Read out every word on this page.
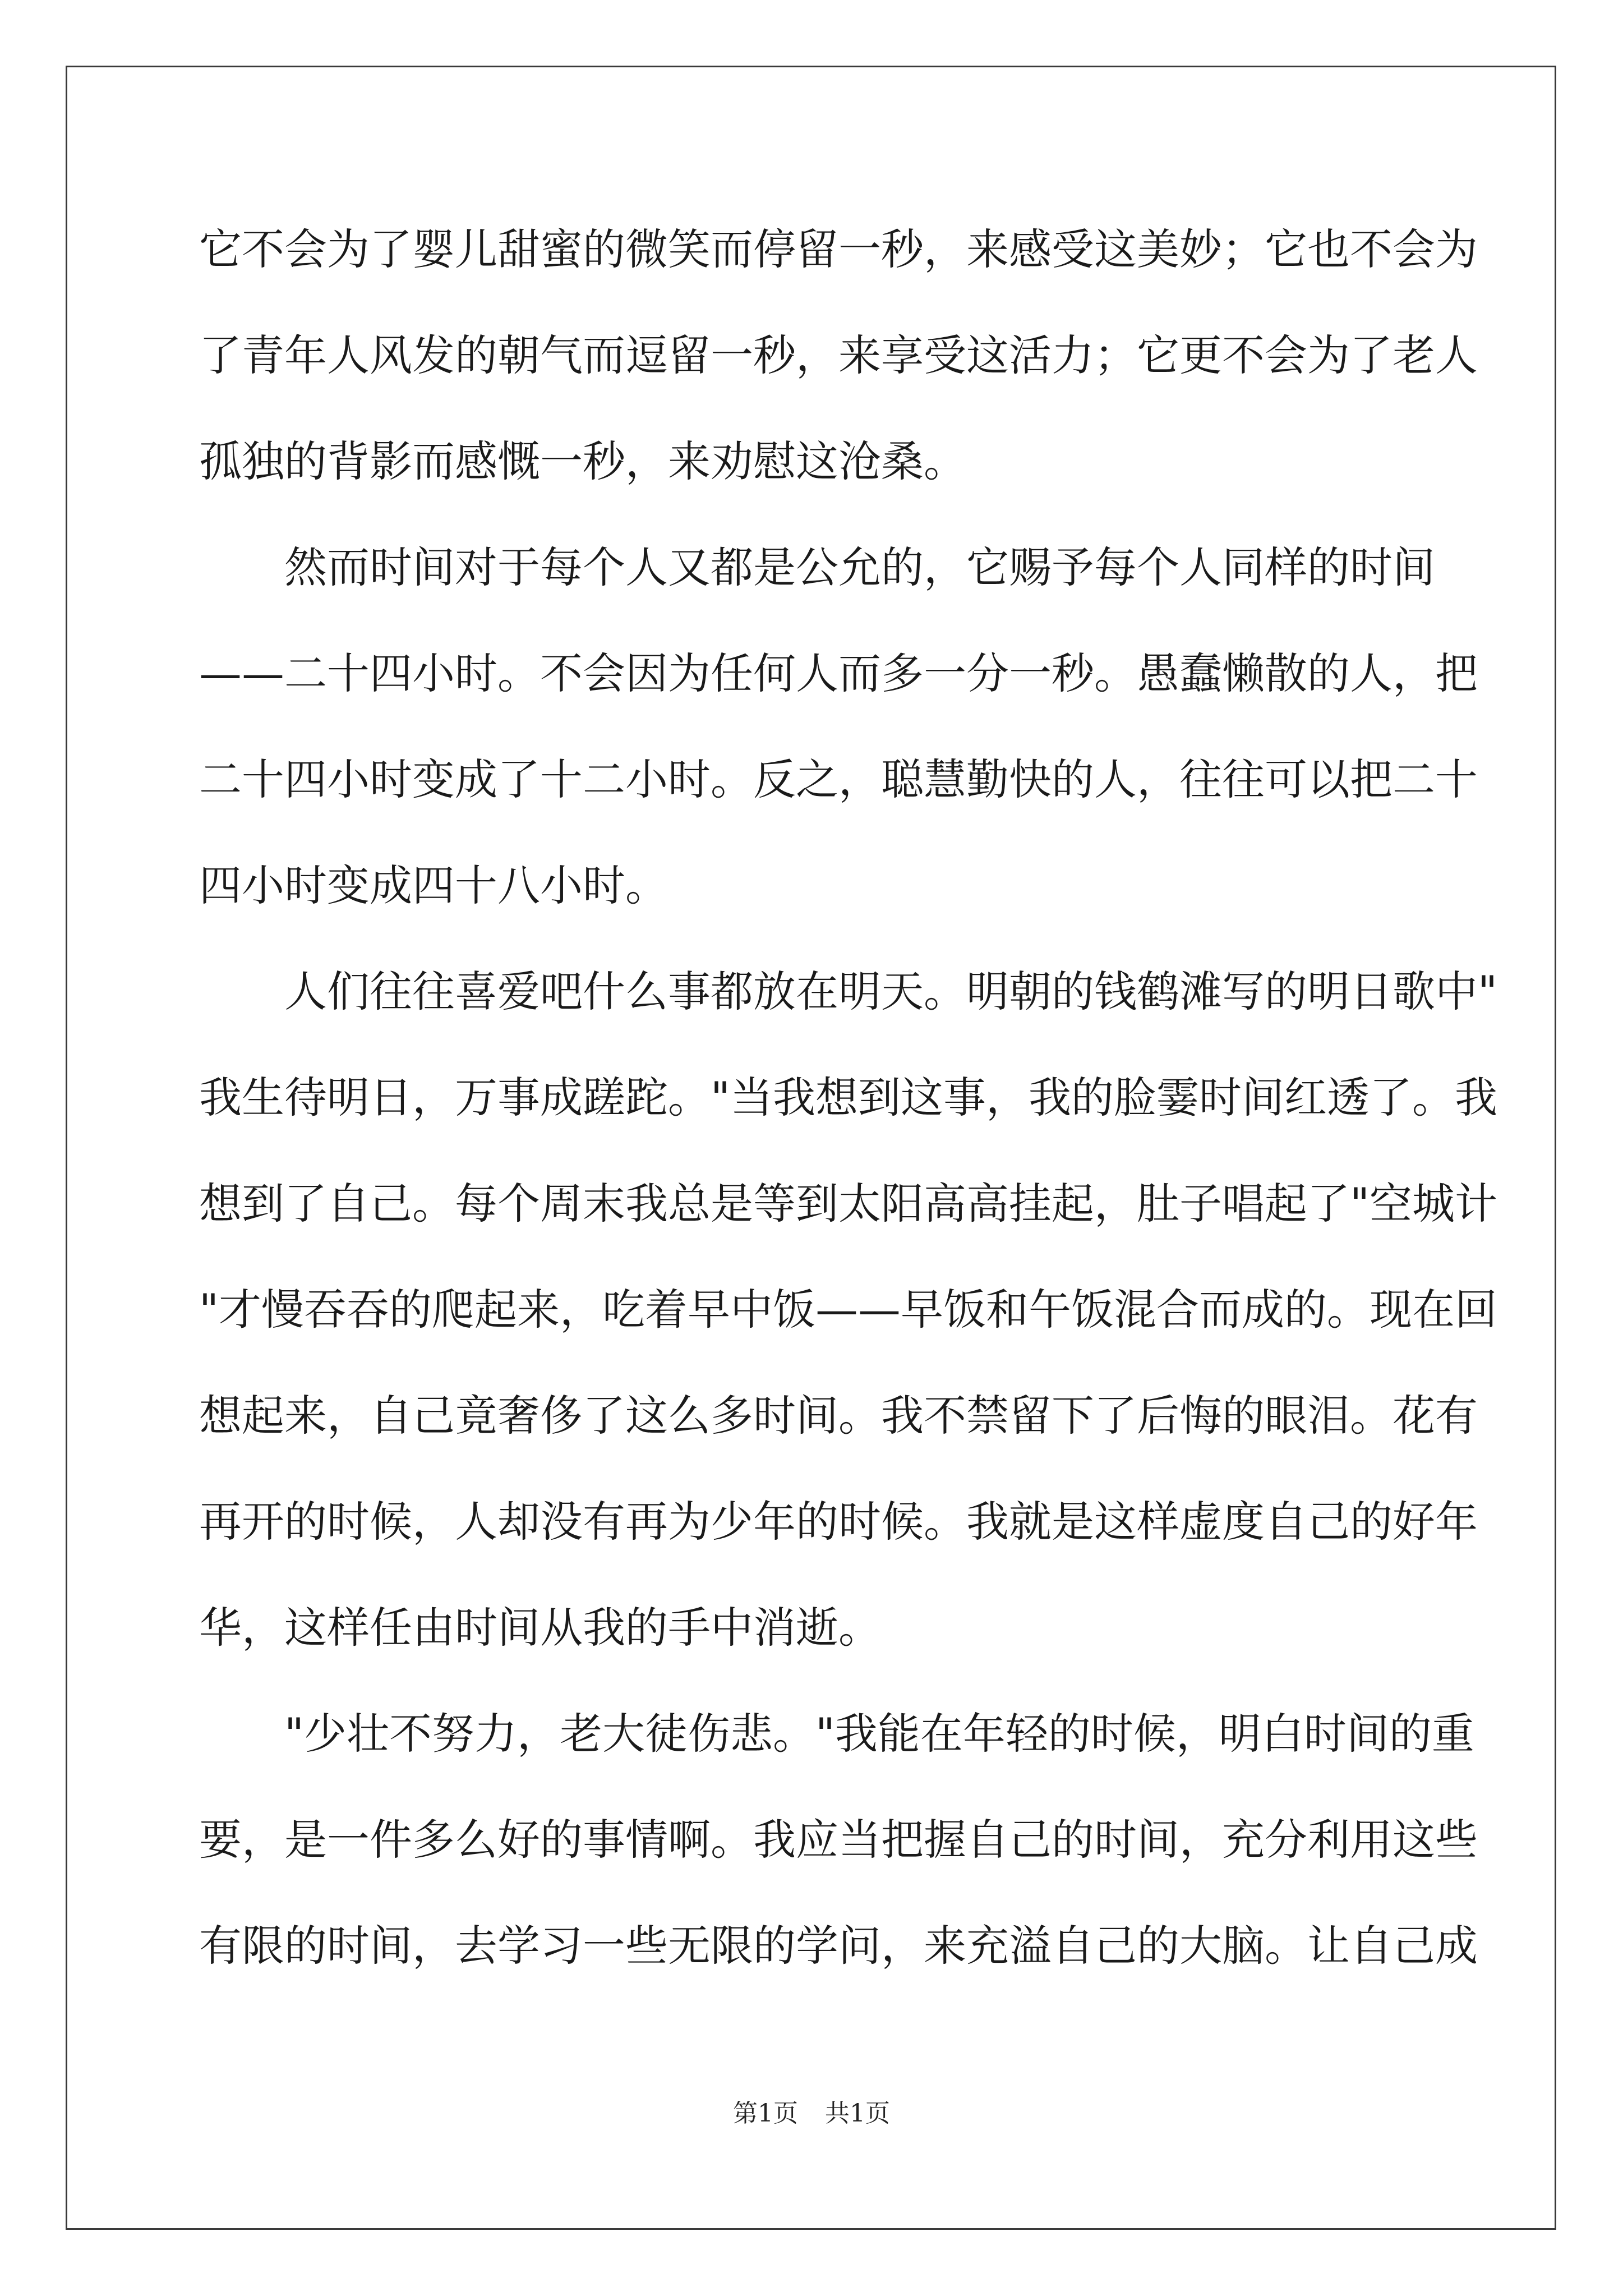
它不会为了婴儿甜蜜的微笑而停留一秒，来感受这美妙；它也不会为
了青年人风发的朝气而逗留一秒，来享受这活力；它更不会为了老人
孤独的背影而感慨一秒，来劝慰这沧桑。
然而时间对于每个人又都是公允的，它赐予每个人同样的时间
——二十四小时。不会因为任何人而多一分一秒。愚蠢懒散的人，把
二十四小时变成了十二小时。反之，聪慧勤快的人，往往可以把二十
四小时变成四十八小时。
人们往往喜爱吧什么事都放在明天。明朝的钱鹤滩写的明日歌中"
我生待明日，万事成蹉跎。"当我想到这事，我的脸霎时间红透了。我
想到了自己。每个周末我总是等到太阳高高挂起，肚子唱起了"空城计
"才慢吞吞的爬起来，吃着早中饭——早饭和午饭混合而成的。现在回
想起来，自己竟奢侈了这么多时间。我不禁留下了后悔的眼泪。花有
再开的时候，人却没有再为少年的时候。我就是这样虚度自己的好年
华，这样任由时间从我的手中消逝。
"少壮不努力，老大徒伤悲。"我能在年轻的时候，明白时间的重
要，是一件多么好的事情啊。我应当把握自己的时间，充分利用这些
有限的时间，去学习一些无限的学问，来充溢自己的大脑。让自己成
第1页 共1页
